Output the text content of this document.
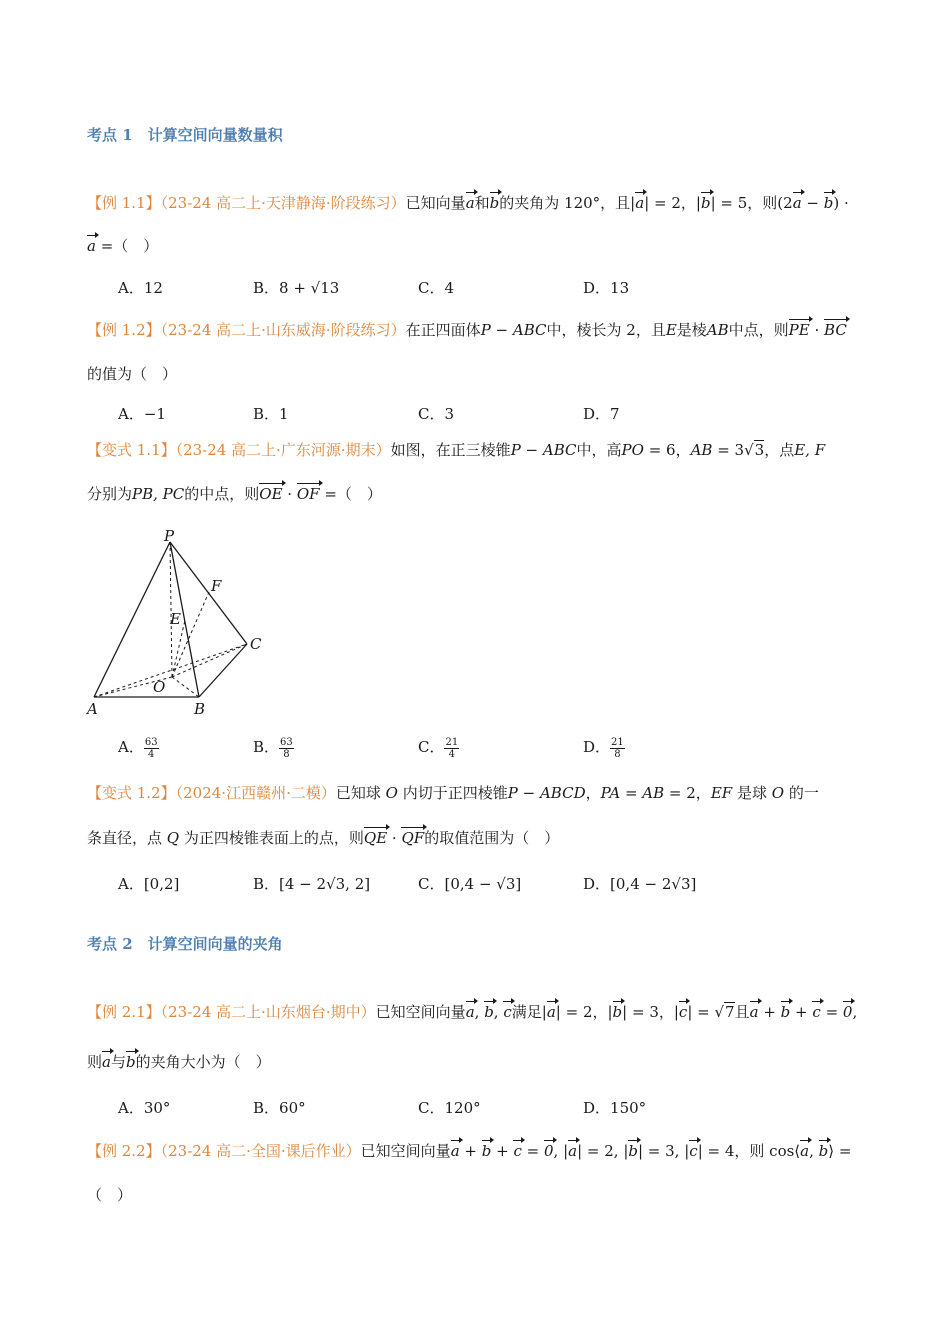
考点 1　计算空间向量数量积
【例 1.1】（23-24 高二上·天津静海·阶段练习）已知向量a和b的夹角为 120°，且|a| = 2，|b| = 5，则(2a − b) ·
a =（　）
A．12	B．8 + √13	C．4	D．13
【例 1.2】（23-24 高二上·山东威海·阶段练习）在正四面体P − ABC中，棱长为 2，且E是棱AB中点，则PE · BC
的值为（　）
A．−1	B．1	C．3	D．7
【变式 1.1】（23-24 高二上·广东河源·期末）如图，在正三棱锥P − ABC中，高PO = 6，AB = 3√3，点E, F
分别为PB, PC的中点，则OE · OF =（　）
P
F
E
C
O
A	B
A． $\frac{63}{4}$	B． $\frac{63}{8}$	C． $\frac{21}{4}$	D． $\frac{21}{8}$
【变式 1.2】（2024·江西赣州·二模）已知球 O 内切于正四棱锥P − ABCD，PA = AB = 2，EF 是球 O 的一
条直径，点 Q 为正四棱锥表面上的点，则QE · QF的取值范围为（　）
A．[0,2]	B．[4 − 2√3, 2]	C．[0,4 − √3]	D．[0,4 − 2√3]
考点 2　计算空间向量的夹角
【例 2.1】（23-24 高二上·山东烟台·期中）已知空间向量a, b, c满足|a| = 2，|b| = 3，|c| = √7且a + b + c = 0,
则a与b的夹角大小为（　）
A．30°	B．60°	C．120°	D．150°
【例 2.2】（23-24 高二·全国·课后作业）已知空间向量a + b + c = 0, |a| = 2, |b| = 3, |c| = 4，则 cos⟨a, b⟩ =
（　）
